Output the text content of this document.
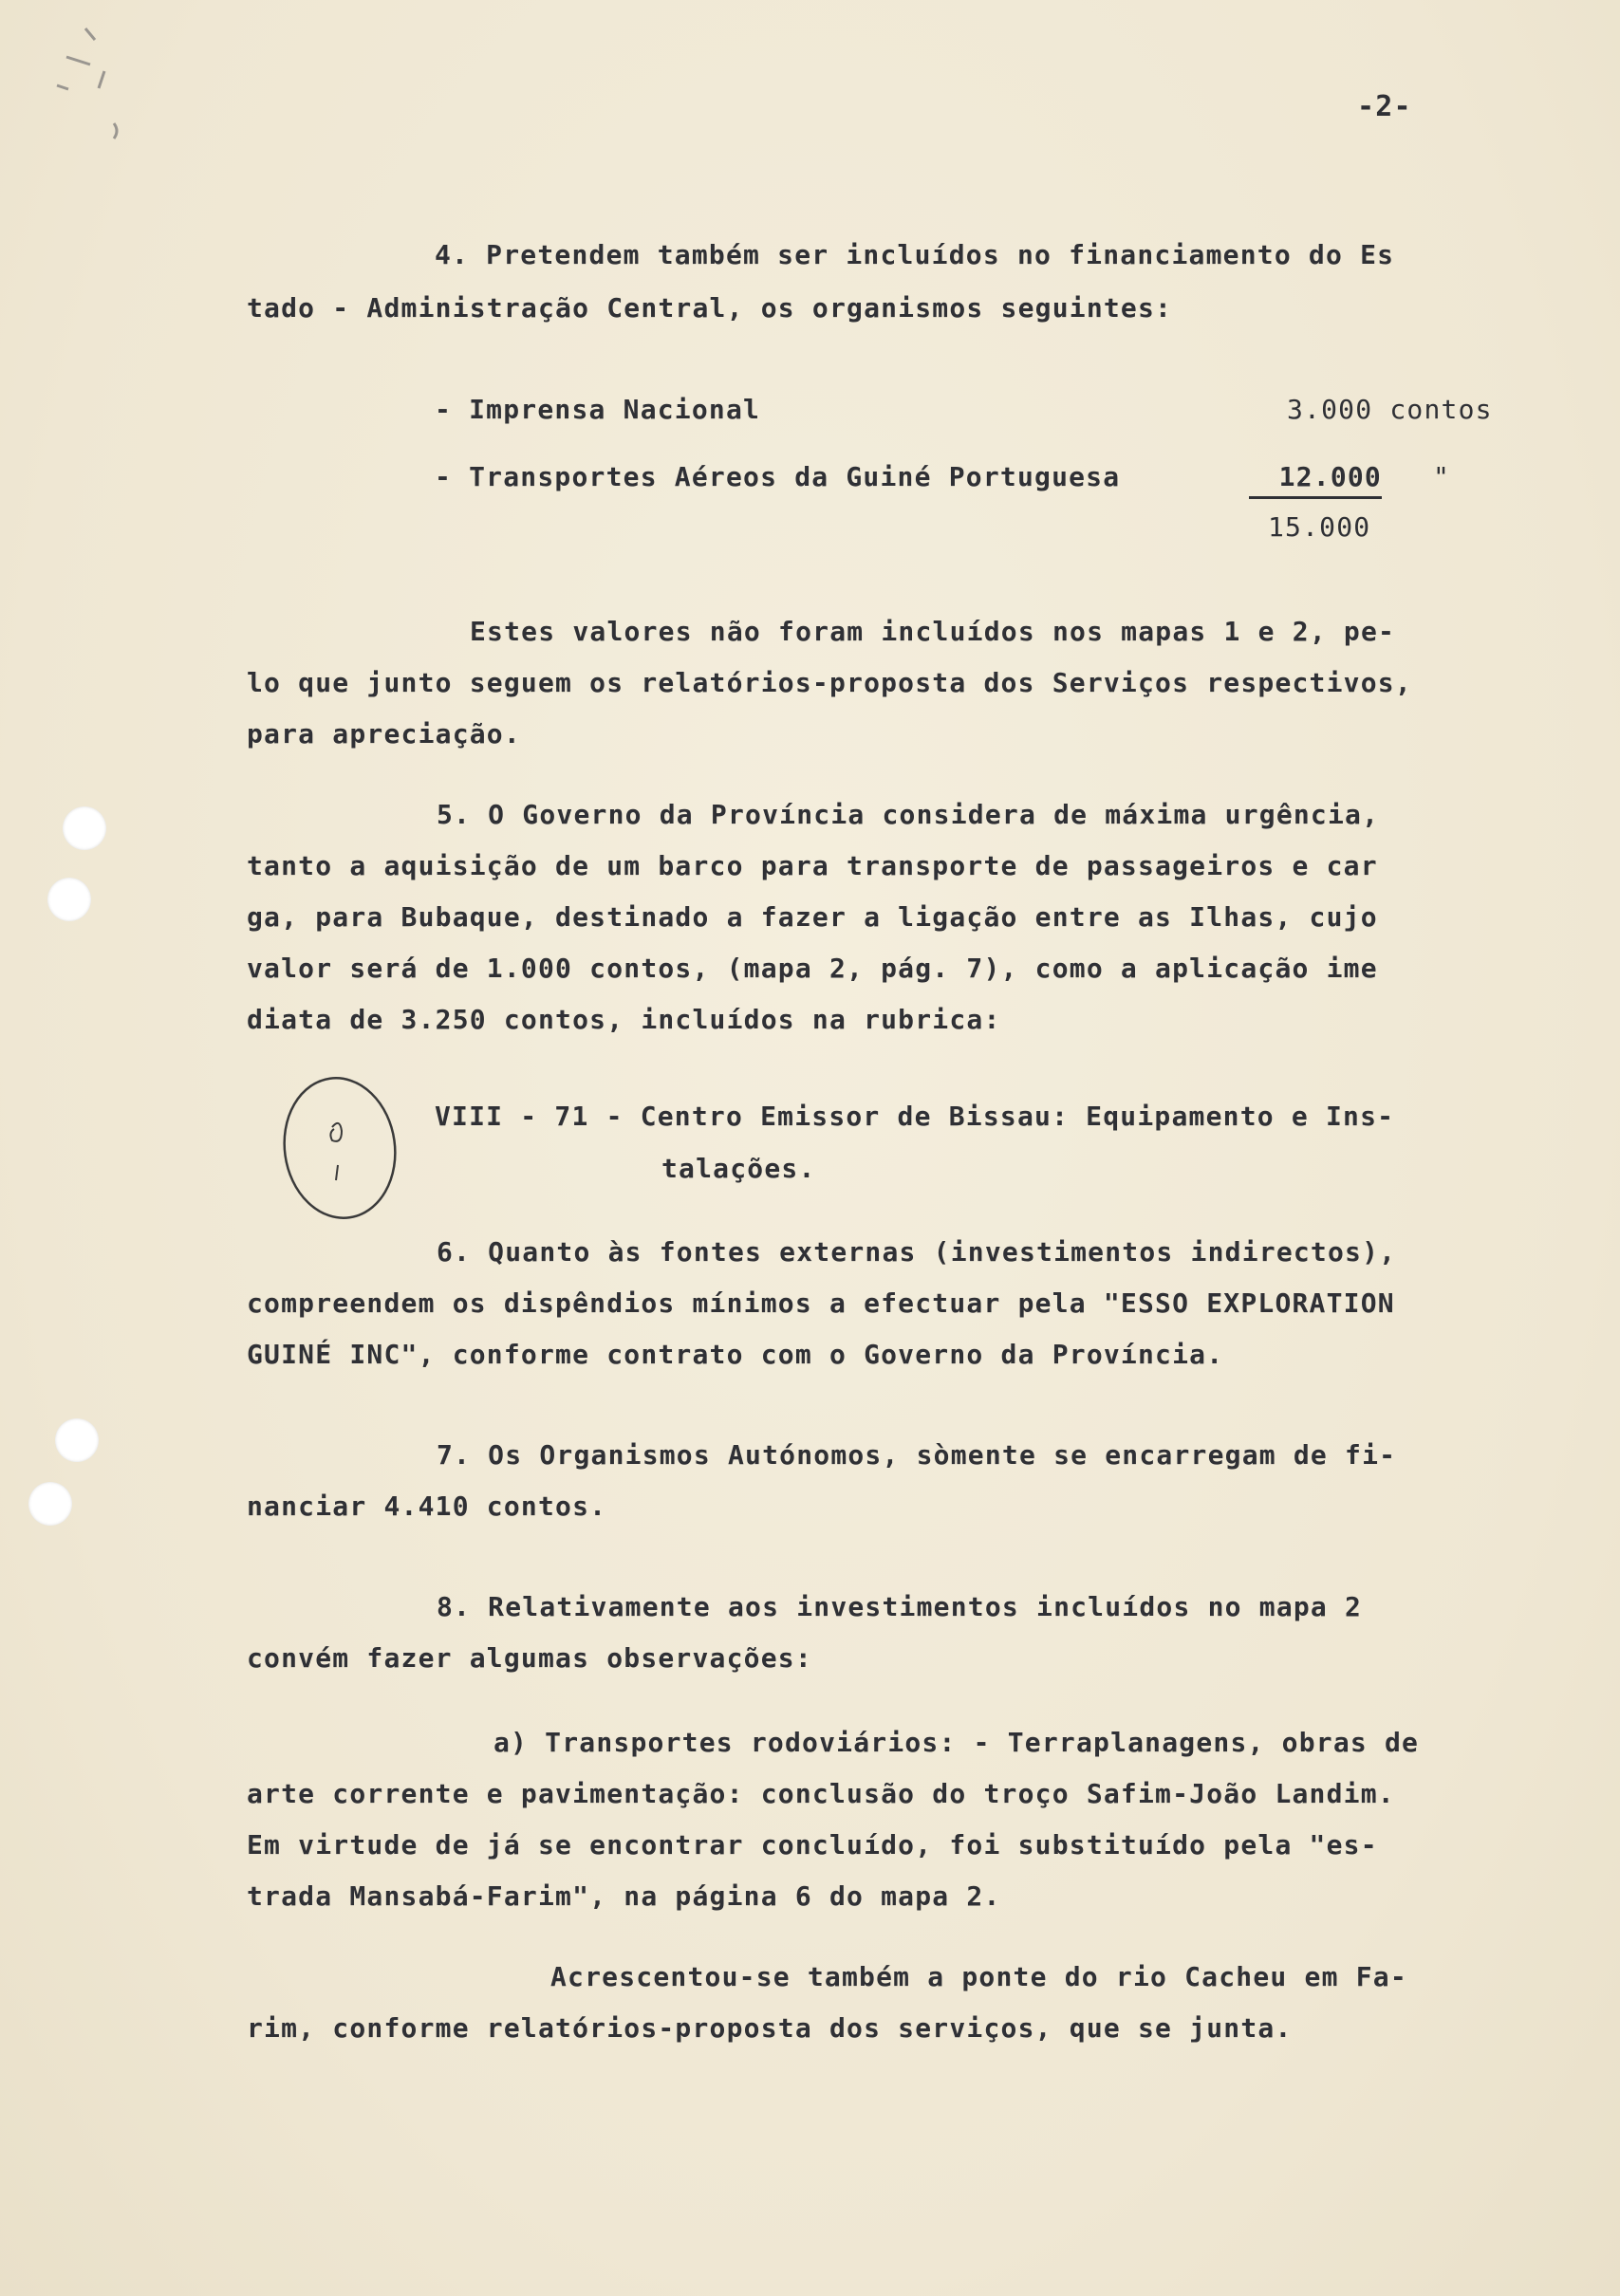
-2-
4. Pretendem também ser incluídos no financiamento do Es
tado - Administração Central, os organismos seguintes:
- Imprensa Nacional	3.000 contos
- Transportes Aéreos da Guiné Portuguesa	12.000 "
15.000
Estes valores não foram incluídos nos mapas 1 e 2, pe-
lo que junto seguem os relatórios-proposta dos Serviços respectivos,
para apreciação.
5. O Governo da Província considera de máxima urgência,
tanto a aquisição de um barco para transporte de passageiros e car
ga, para Bubaque, destinado a fazer a ligação entre as Ilhas, cujo
valor será de 1.000 contos, (mapa 2, pág. 7), como a aplicação ime
diata de 3.250 contos, incluídos na rubrica:
VIII - 71 - Centro Emissor de Bissau: Equipamento e Ins-
talações.
6. Quanto às fontes externas (investimentos indirectos),
compreendem os dispêndios mínimos a efectuar pela "ESSO EXPLORATION
GUINÉ INC", conforme contrato com o Governo da Província.
7. Os Organismos Autónomos, sòmente se encarregam de fi-
nanciar 4.410 contos.
8. Relativamente aos investimentos incluídos no mapa 2
convém fazer algumas observações:
a) Transportes rodoviários: - Terraplanagens, obras de
arte corrente e pavimentação: conclusão do troço Safim-João Landim.
Em virtude de já se encontrar concluído, foi substituído pela "es-
trada Mansabá-Farim", na página 6 do mapa 2.
Acrescentou-se também a ponte do rio Cacheu em Fa-
rim, conforme relatórios-proposta dos serviços, que se junta.
